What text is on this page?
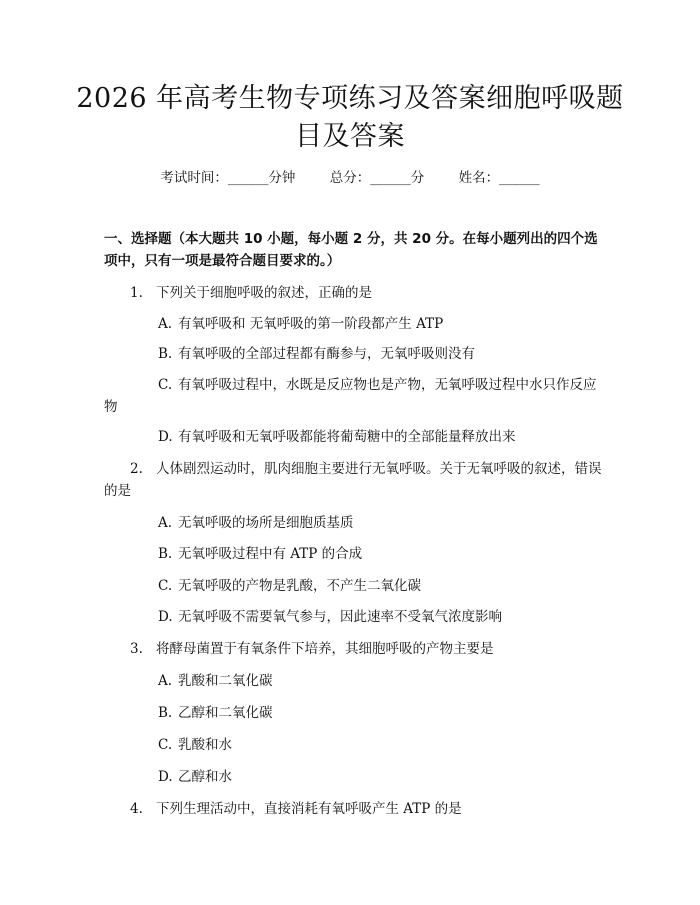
2026 年高考生物专项练习及答案细胞呼吸题
目及答案
考试时间：______分钟	总分：______分	姓名：______
一、选择题（本大题共 10 小题，每小题 2 分，共 20 分。在每小题列出的四个选项中，只有一项是最符合题目要求的。）
1. 下列关于细胞呼吸的叙述，正确的是
A. 有氧呼吸和 无氧呼吸的第一阶段都产生 ATP
B. 有氧呼吸的全部过程都有酶参与，无氧呼吸则没有
C. 有氧呼吸过程中，水既是反应物也是产物，无氧呼吸过程中水只作反应物
D. 有氧呼吸和无氧呼吸都能将葡萄糖中的全部能量释放出来
2. 人体剧烈运动时，肌肉细胞主要进行无氧呼吸。关于无氧呼吸的叙述，错误的是
A. 无氧呼吸的场所是细胞质基质
B. 无氧呼吸过程中有 ATP 的合成
C. 无氧呼吸的产物是乳酸，不产生二氧化碳
D. 无氧呼吸不需要氧气参与，因此速率不受氧气浓度影响
3. 将酵母菌置于有氧条件下培养，其细胞呼吸的产物主要是
A. 乳酸和二氧化碳
B. 乙醇和二氧化碳
C. 乳酸和水
D. 乙醇和水
4. 下列生理活动中，直接消耗有氧呼吸产生 ATP 的是
